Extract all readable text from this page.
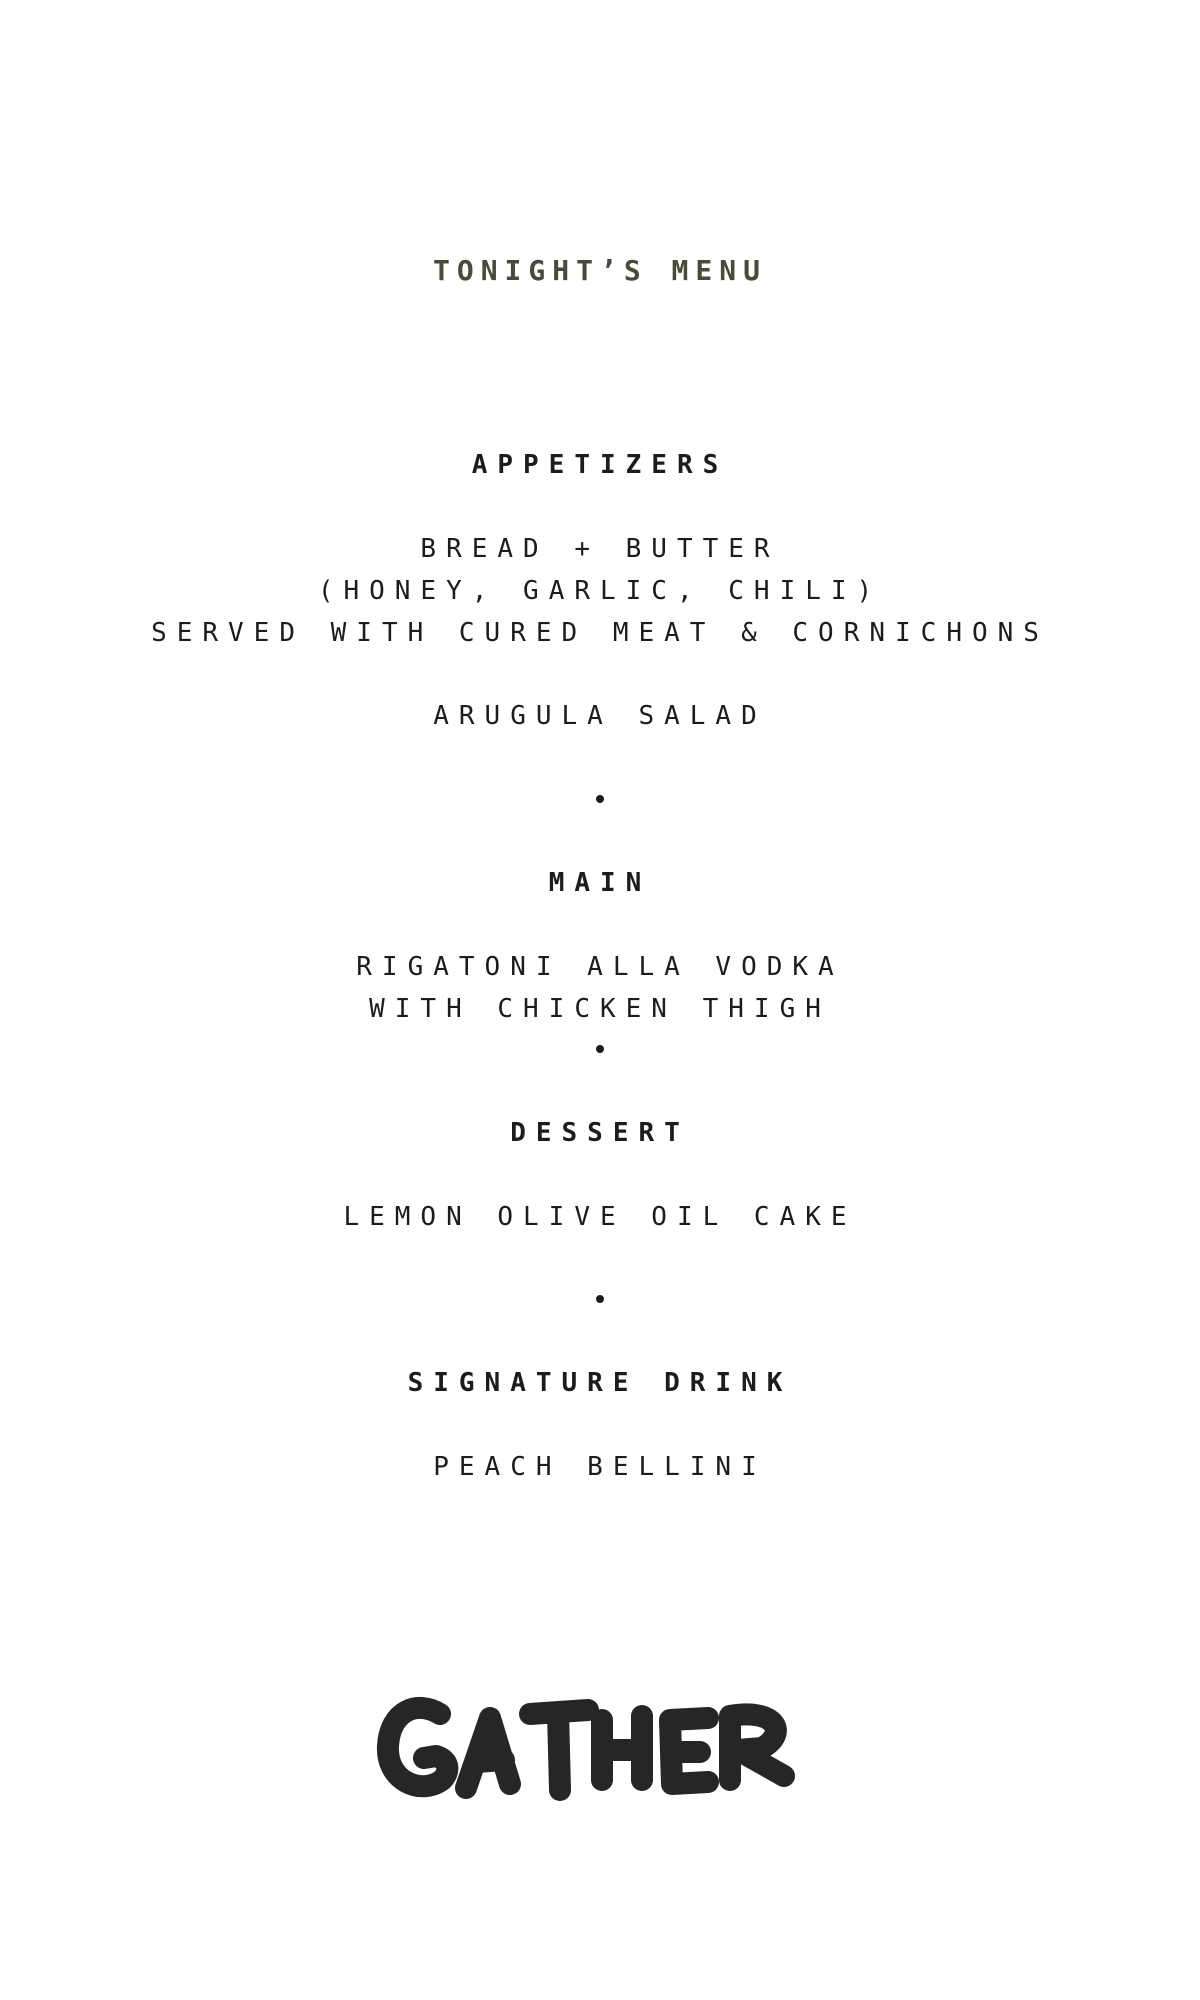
TONIGHT’S MENU
APPETIZERS
BREAD + BUTTER
(HONEY, GARLIC, CHILI)
SERVED WITH CURED MEAT & CORNICHONS
ARUGULA SALAD
MAIN
RIGATONI ALLA VODKA
WITH CHICKEN THIGH
DESSERT
LEMON OLIVE OIL CAKE
SIGNATURE DRINK
PEACH BELLINI
